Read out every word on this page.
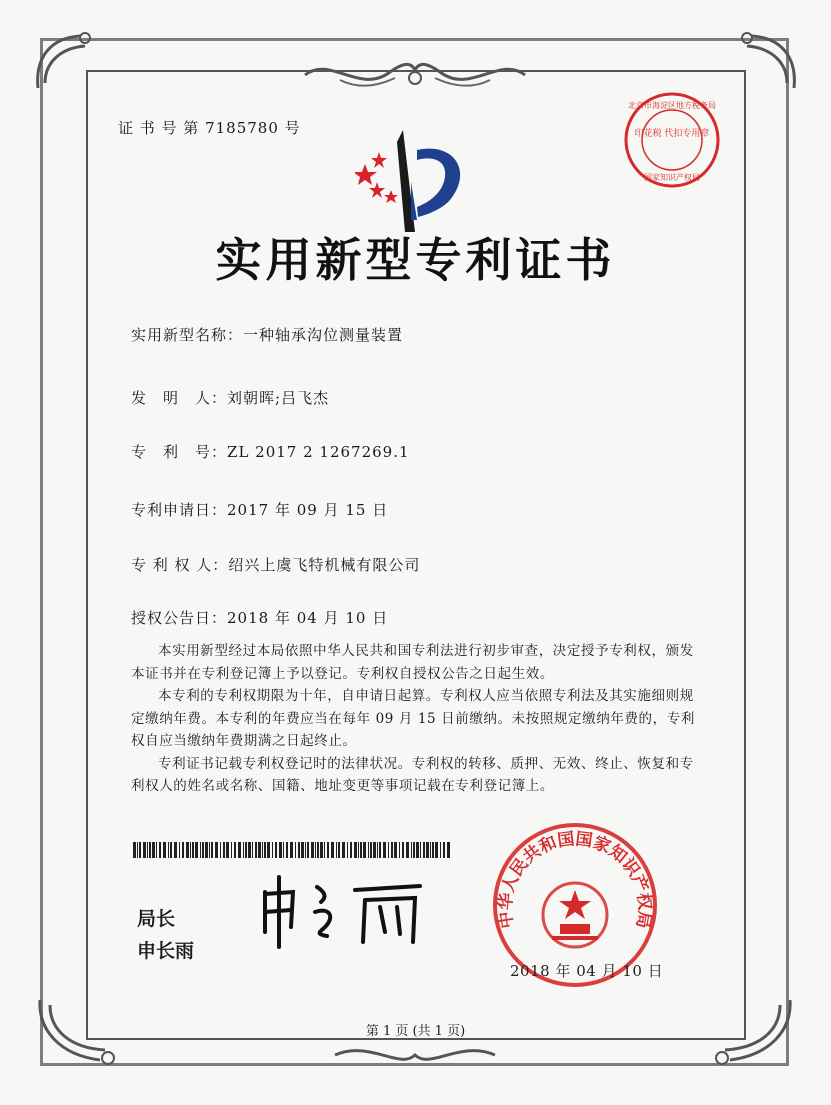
证 书 号 第 7185780 号
北京市海淀区地方税务局
印花税 代扣专用章
国家知识产权局
实用新型专利证书
实用新型名称：一种轴承沟位测量装置
发　明　人：刘朝晖;吕飞杰
专　利　号：ZL 2017 2 1267269.1
专利申请日：2017 年 09 月 15 日
专 利 权 人：绍兴上虞飞特机械有限公司
授权公告日：2018 年 04 月 10 日

本实用新型经过本局依照中华人民共和国专利法进行初步审查，决定授予专利权，颁发本证书并在专利登记簿上予以登记。专利权自授权公告之日起生效。

本专利的专利权期限为十年，自申请日起算。专利权人应当依照专利法及其实施细则规定缴纳年费。本专利的年费应当在每年 09 月 15 日前缴纳。未按照规定缴纳年费的，专利权自应当缴纳年费期满之日起终止。

专利证书记载专利权登记时的法律状况。专利权的转移、质押、无效、终止、恢复和专利权人的姓名或名称、国籍、地址变更等事项记载在专利登记簿上。

局长
申长雨
中华人民共和国国家知识产权局
2018 年 04 月 10 日
第 1 页 (共 1 页)
